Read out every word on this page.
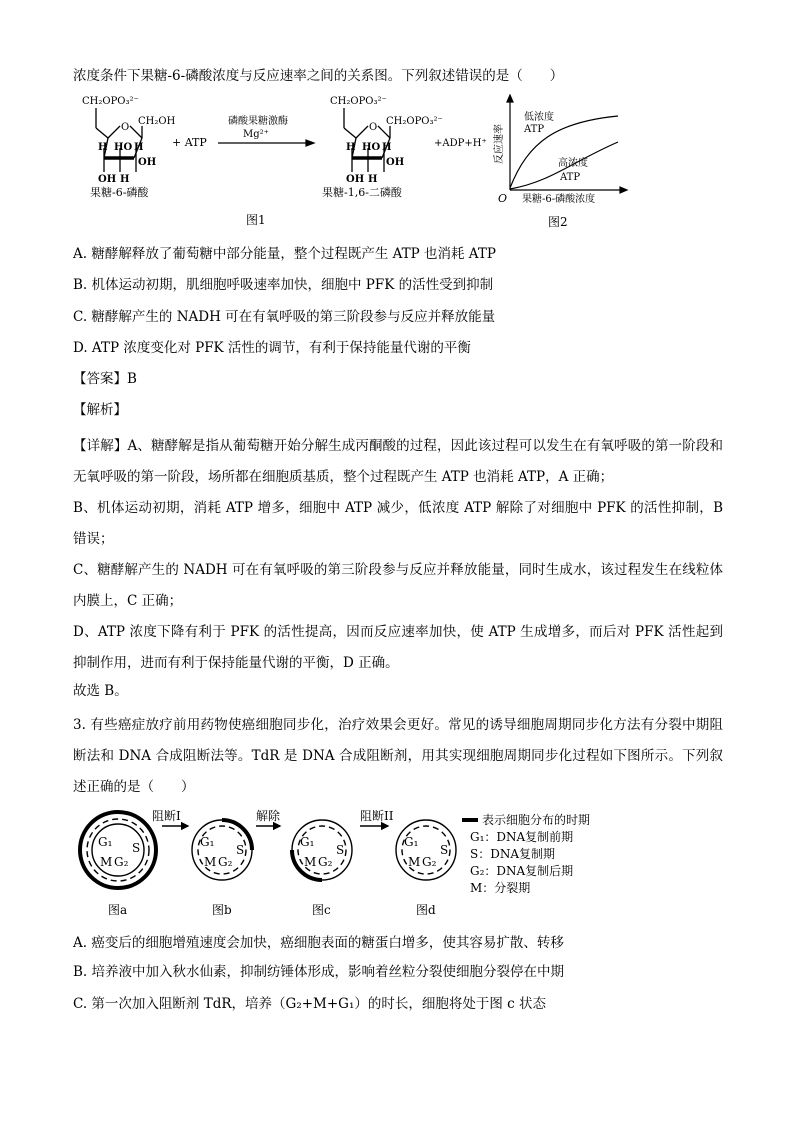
浓度条件下果糖-6-磷酸浓度与反应速率之间的关系图。下列叙述错误的是（　　）
CH₂OPO₃²⁻
O
CH₂OH
H HO H
OH
OH H
果糖-6-磷酸
+ ATP
磷酸果糖激酶
Mg²⁺
CH₂OPO₃²⁻
O
CH₂OPO₃²⁻
H HO H
OH
OH H
果糖-1,6-二磷酸
+ADP+H⁺
图1
反应速率
O 果糖-6-磷酸浓度
低浓度
ATP
高浓度
ATP
图2
A. 糖酵解释放了葡萄糖中部分能量，整个过程既产生 ATP 也消耗 ATP
B. 机体运动初期，肌细胞呼吸速率加快，细胞中 PFK 的活性受到抑制
C. 糖酵解产生的 NADH 可在有氧呼吸的第三阶段参与反应并释放能量
D. ATP 浓度变化对 PFK 活性的调节，有利于保持能量代谢的平衡
【答案】B
【解析】
【详解】A、糖酵解是指从葡萄糖开始分解生成丙酮酸的过程，因此该过程可以发生在有氧呼吸的第一阶段和无氧呼吸的第一阶段，场所都在细胞质基质，整个过程既产生 ATP 也消耗 ATP，A 正确；
B、机体运动初期，消耗 ATP 增多，细胞中 ATP 减少，低浓度 ATP 解除了对细胞中 PFK 的活性抑制，B 错误；
C、糖酵解产生的 NADH 可在有氧呼吸的第三阶段参与反应并释放能量，同时生成水，该过程发生在线粒体内膜上，C 正确；
D、ATP 浓度下降有利于 PFK 的活性提高，因而反应速率加快，使 ATP 生成增多，而后对 PFK 活性起到抑制作用，进而有利于保持能量代谢的平衡，D 正确。
故选 B。
3. 有些癌症放疗前用药物使癌细胞同步化，治疗效果会更好。常见的诱导细胞周期同步化方法有分裂中期阻断法和 DNA 合成阻断法等。TdR 是 DNA 合成阻断剂，用其实现细胞周期同步化过程如下图所示。下列叙述正确的是（　　）
G₁ S
M G₂
图a
阻断I
G₁
S
M G₂
图b
解除
G₁
S
M G₂
图c
阻断II
G₁
S
M G₂
图d
表示细胞分布的时期
G₁：DNA复制前期
S：DNA复制期
G₂：DNA复制后期
M：分裂期
A. 癌变后的细胞增殖速度会加快，癌细胞表面的糖蛋白增多，使其容易扩散、转移
B. 培养液中加入秋水仙素，抑制纺锤体形成，影响着丝粒分裂使细胞分裂停在中期
C. 第一次加入阻断剂 TdR，培养（G₂+M+G₁）的时长，细胞将处于图 c 状态
